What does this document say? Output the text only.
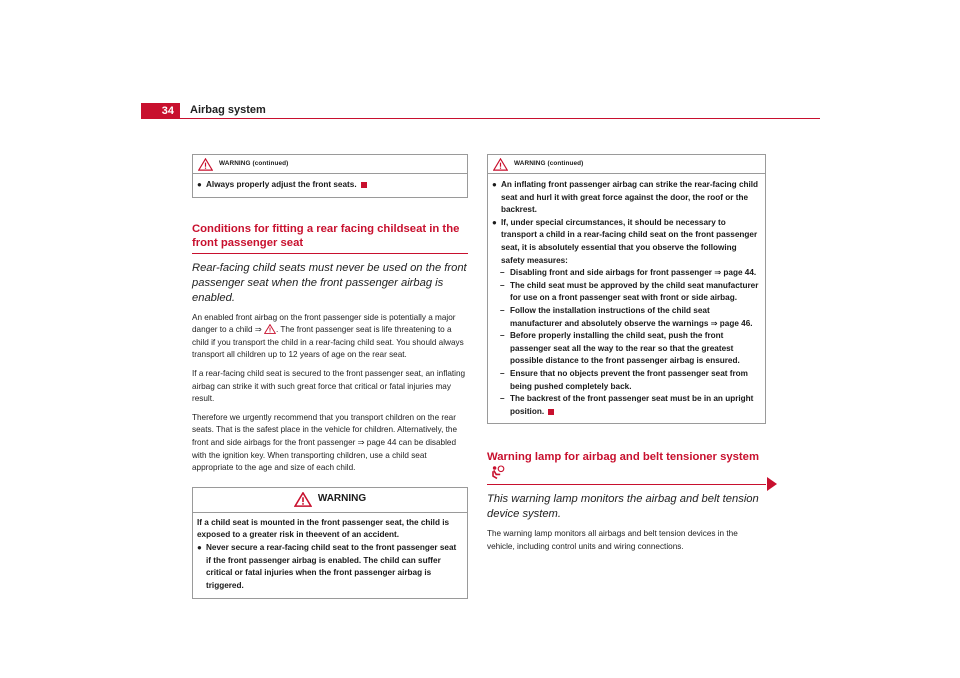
34	Airbag system
WARNING (continued)
● Always properly adjust the front seats.
Conditions for fitting a rear facing childseat in the front passenger seat
Rear-facing child seats must never be used on the front passenger seat when the front passenger airbag is enabled.

An enabled front airbag on the front passenger side is potentially a major danger to a child ⇒ . The front passenger seat is life threatening to a child if you transport the child in a rear-facing child seat. You should always transport all children up to 12 years of age on the rear seat.

If a rear-facing child seat is secured to the front passenger seat, an inflating airbag can strike it with such great force that critical or fatal injuries may result.

Therefore we urgently recommend that you transport children on the rear seats. That is the safest place in the vehicle for children. Alternatively, the front and side airbags for the front passenger ⇒ page 44 can be disabled with the ignition key. When transporting children, use a child seat appropriate to the age and size of each child.

WARNING
If a child seat is mounted in the front passenger seat, the child is exposed to a greater risk in theevent of an accident.
● Never secure a rear-facing child seat to the front passenger seat if the front passenger airbag is enabled. The child can suffer critical or fatal injuries when the front passenger airbag is triggered.
WARNING (continued)
● An inflating front passenger airbag can strike the rear-facing child seat and hurl it with great force against the door, the roof or the backrest.
● If, under special circumstances, it should be necessary to transport a child in a rear-facing child seat on the front passenger seat, it is absolutely essential that you observe the following safety measures:
– Disabling front and side airbags for front passenger ⇒ page 44.
– The child seat must be approved by the child seat manufacturer for use on a front passenger seat with front or side airbag.
– Follow the installation instructions of the child seat manufacturer and absolutely observe the warnings ⇒ page 46.
– Before properly installing the child seat, push the front passenger seat all the way to the rear so that the greatest possible distance to the front passenger airbag is ensured.
– Ensure that no objects prevent the front passenger seat from being pushed completely back.
– The backrest of the front passenger seat must be in an upright position.
Warning lamp for airbag and belt tensioner system
This warning lamp monitors the airbag and belt tension device system.

The warning lamp monitors all airbags and belt tension devices in the vehicle, including control units and wiring connections.
